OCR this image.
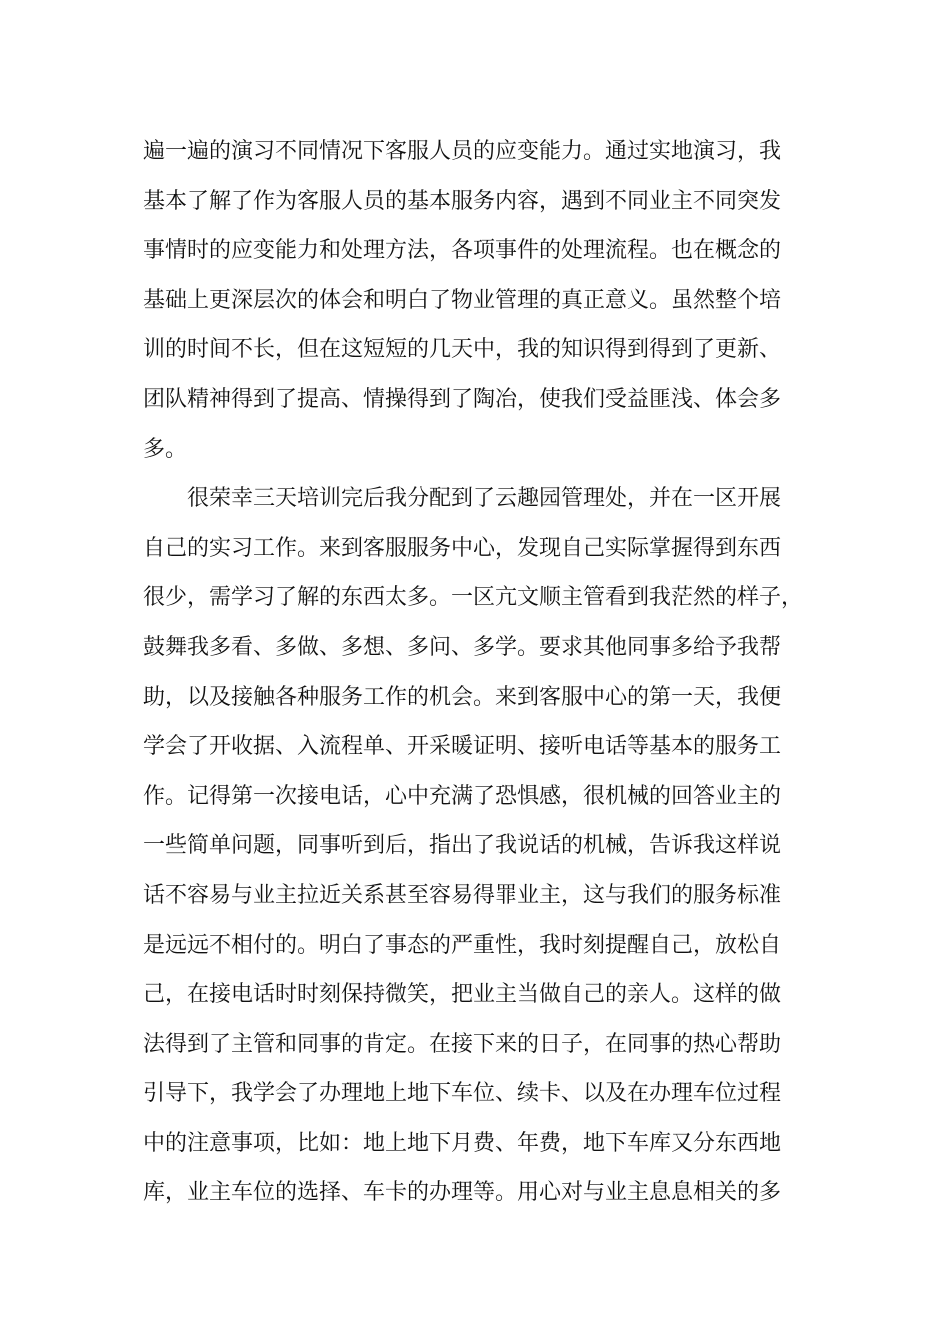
遍一遍的演习不同情况下客服人员的应变能力。通过实地演习，我
基本了解了作为客服人员的基本服务内容，遇到不同业主不同突发
事情时的应变能力和处理方法，各项事件的处理流程。也在概念的
基础上更深层次的体会和明白了物业管理的真正意义。虽然整个培
训的时间不长，但在这短短的几天中，我的知识得到得到了更新、
团队精神得到了提高、情操得到了陶冶，使我们受益匪浅、体会多
多。
很荣幸三天培训完后我分配到了云趣园管理处，并在一区开展
自己的实习工作。来到客服服务中心，发现自己实际掌握得到东西
很少，需学习了解的东西太多。一区亢文顺主管看到我茫然的样子，
鼓舞我多看、多做、多想、多问、多学。要求其他同事多给予我帮
助，以及接触各种服务工作的机会。来到客服中心的第一天，我便
学会了开收据、入流程单、开采暖证明、接听电话等基本的服务工
作。记得第一次接电话，心中充满了恐惧感，很机械的回答业主的
一些简单问题，同事听到后，指出了我说话的机械，告诉我这样说
话不容易与业主拉近关系甚至容易得罪业主，这与我们的服务标准
是远远不相付的。明白了事态的严重性，我时刻提醒自己，放松自
己，在接电话时时刻保持微笑，把业主当做自己的亲人。这样的做
法得到了主管和同事的肯定。在接下来的日子，在同事的热心帮助
引导下，我学会了办理地上地下车位、续卡、以及在办理车位过程
中的注意事项，比如：地上地下月费、年费，地下车库又分东西地
库，业主车位的选择、车卡的办理等。用心对与业主息息相关的多
